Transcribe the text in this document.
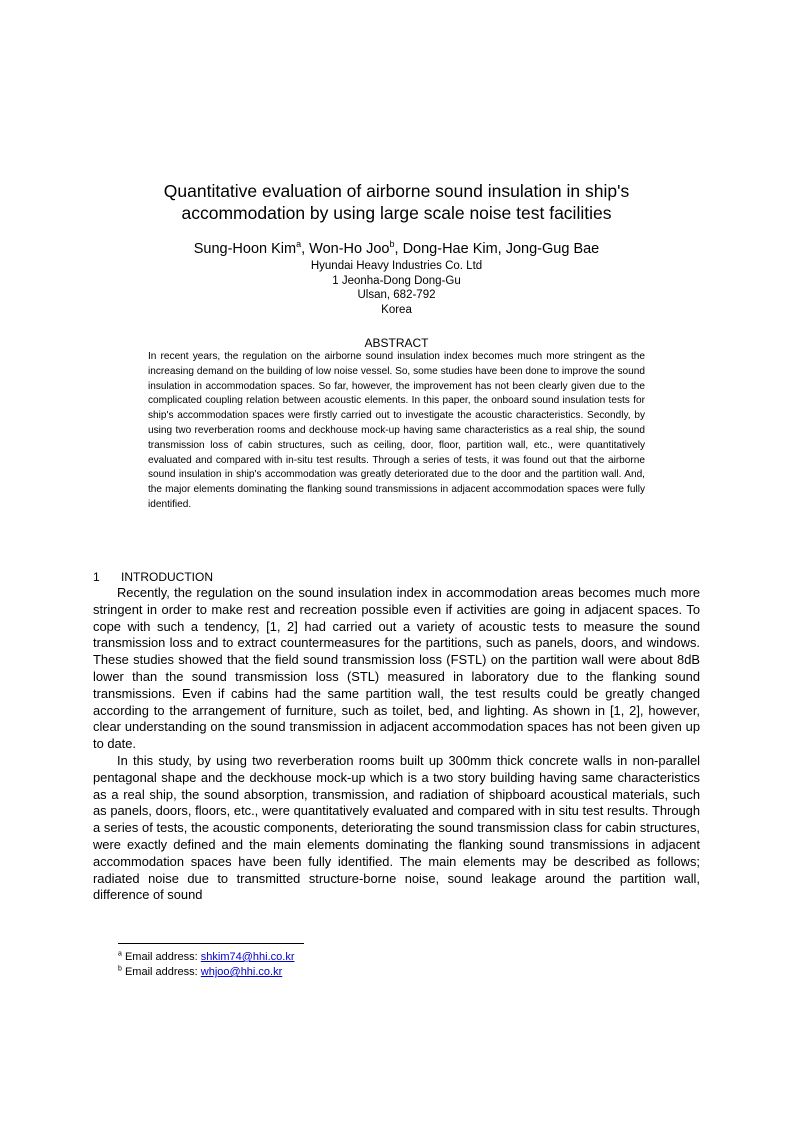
Quantitative evaluation of airborne sound insulation in ship's
accommodation by using large scale noise test facilities
Sung-Hoon Kim$^a$, Won-Ho Joo$^b$, Dong-Hae Kim, Jong-Gug Bae
Hyundai Heavy Industries Co. Ltd
1 Jeonha-Dong Dong-Gu
Ulsan, 682-792
Korea
ABSTRACT
In recent years, the regulation on the airborne sound insulation index becomes much more stringent as the increasing demand on the building of low noise vessel. So, some studies have been done to improve the sound insulation in accommodation spaces. So far, however, the improvement has not been clearly given due to the complicated coupling relation between acoustic elements. In this paper, the onboard sound insulation tests for ship's accommodation spaces were firstly carried out to investigate the acoustic characteristics. Secondly, by using two reverberation rooms and deckhouse mock-up having same characteristics as a real ship, the sound transmission loss of cabin structures, such as ceiling, door, floor, partition wall, etc., were quantitatively evaluated and compared with in-situ test results. Through a series of tests, it was found out that the airborne sound insulation in ship's accommodation was greatly deteriorated due to the door and the partition wall. And, the major elements dominating the flanking sound transmissions in adjacent accommodation spaces were fully identified.
1 INTRODUCTION

Recently, the regulation on the sound insulation index in accommodation areas becomes much more stringent in order to make rest and recreation possible even if activities are going in adjacent spaces. To cope with such a tendency, [1, 2] had carried out a variety of acoustic tests to measure the sound transmission loss and to extract countermeasures for the partitions, such as panels, doors, and windows. These studies showed that the field sound transmission loss (FSTL) on the partition wall were about 8dB lower than the sound transmission loss (STL) measured in laboratory due to the flanking sound transmissions. Even if cabins had the same partition wall, the test results could be greatly changed according to the arrangement of furniture, such as toilet, bed, and lighting. As shown in [1, 2], however, clear understanding on the sound transmission in adjacent accommodation spaces has not been given up to date.

In this study, by using two reverberation rooms built up 300mm thick concrete walls in non-parallel pentagonal shape and the deckhouse mock-up which is a two story building having same characteristics as a real ship, the sound absorption, transmission, and radiation of shipboard acoustical materials, such as panels, doors, floors, etc., were quantitatively evaluated and compared with in situ test results. Through a series of tests, the acoustic components, deteriorating the sound transmission class for cabin structures, were exactly defined and the main elements dominating the flanking sound transmissions in adjacent accommodation spaces have been fully identified. The main elements may be described as follows; radiated noise due to transmitted structure-borne noise, sound leakage around the partition wall, difference of sound

$^a$ Email address: shkim74@hhi.co.kr
$^b$ Email address: whjoo@hhi.co.kr
